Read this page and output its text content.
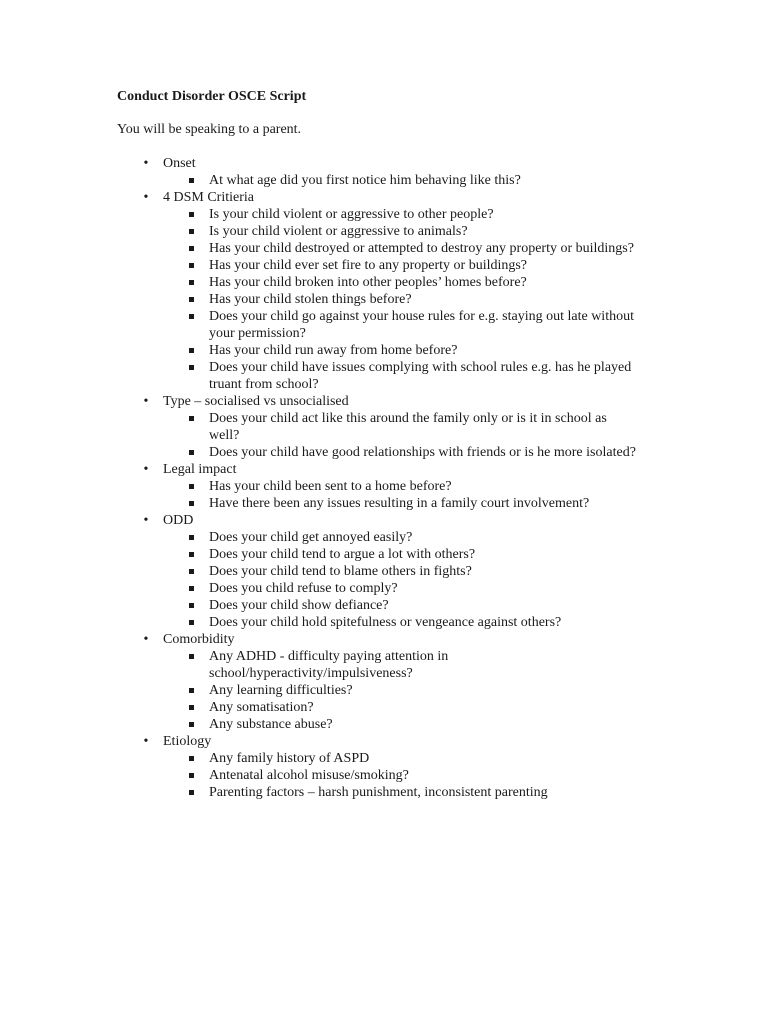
Conduct Disorder OSCE Script
You will be speaking to a parent.
• Onset
At what age did you first notice him behaving like this?
• 4 DSM Critieria
Is your child violent or aggressive to other people?
Is your child violent or aggressive to animals?
Has your child destroyed or attempted to destroy any property or buildings?
Has your child ever set fire to any property or buildings?
Has your child broken into other peoples’ homes before?
Has your child stolen things before?
Does your child go against your house rules for e.g. staying out late without your permission?
Has your child run away from home before?
Does your child have issues complying with school rules e.g. has he played truant from school?
• Type – socialised vs unsocialised
Does your child act like this around the family only or is it in school as well?
Does your child have good relationships with friends or is he more isolated?
• Legal impact
Has your child been sent to a home before?
Have there been any issues resulting in a family court involvement?
• ODD
Does your child get annoyed easily?
Does your child tend to argue a lot with others?
Does your child tend to blame others in fights?
Does you child refuse to comply?
Does your child show defiance?
Does your child hold spitefulness or vengeance against others?
• Comorbidity
Any ADHD - difficulty paying attention in school/hyperactivity/impulsiveness?
Any learning difficulties?
Any somatisation?
Any substance abuse?
• Etiology
Any family history of ASPD
Antenatal alcohol misuse/smoking?
Parenting factors – harsh punishment, inconsistent parenting
